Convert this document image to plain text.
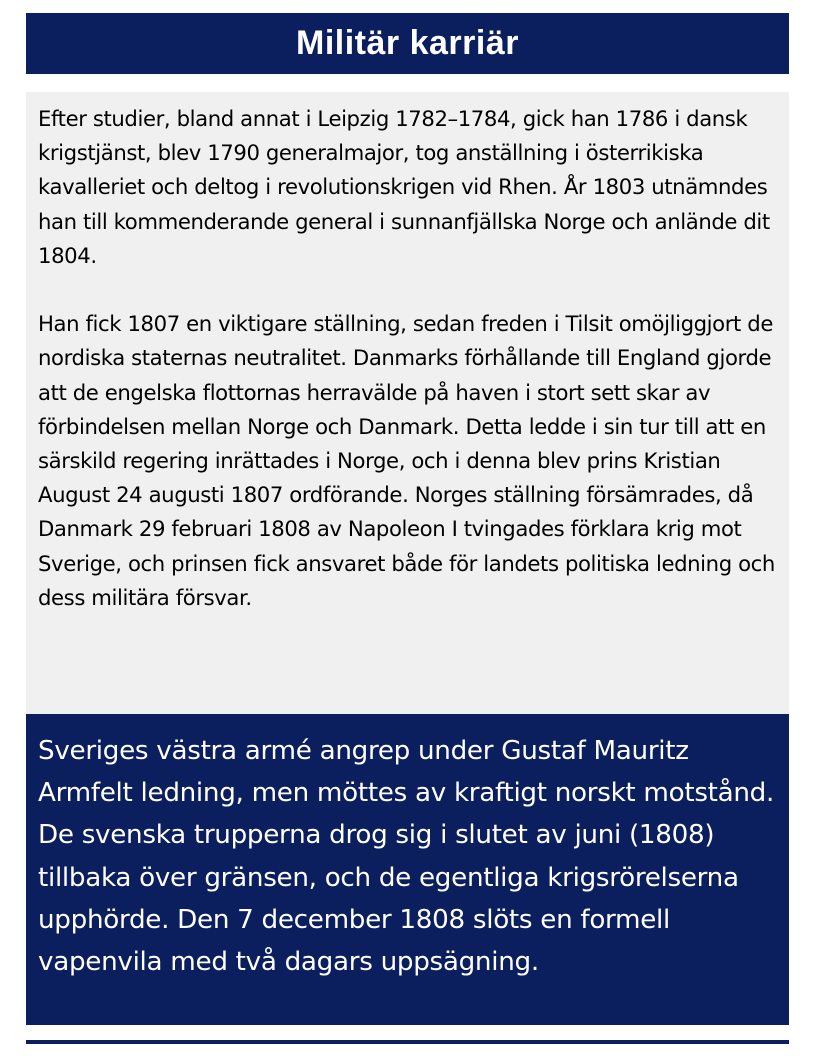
Militär karriär

Efter studier, bland annat i Leipzig 1782–1784, gick han 1786 i dansk krigstjänst, blev 1790 generalmajor, tog anställning i österrikiska kavalleriet och deltog i revolutionskrigen vid Rhen. År 1803 utnämndes han till kommenderande general i sunnanfjällska Norge och anlände dit 1804.

Han fick 1807 en viktigare ställning, sedan freden i Tilsit omöjliggjort de nordiska staternas neutralitet. Danmarks förhållande till England gjorde att de engelska flottornas herravälde på haven i stort sett skar av förbindelsen mellan Norge och Danmark. Detta ledde i sin tur till att en särskild regering inrättades i Norge, och i denna blev prins Kristian August 24 augusti 1807 ordförande. Norges ställning försämrades, då Danmark 29 februari 1808 av Napoleon I tvingades förklara krig mot Sverige, och prinsen fick ansvaret både för landets politiska ledning och dess militära försvar.

Sveriges västra armé angrep under Gustaf Mauritz Armfelt ledning, men möttes av kraftigt norskt motstånd. De svenska trupperna drog sig i slutet av juni (1808) tillbaka över gränsen, och de egentliga krigsrörelserna upphörde. Den 7 december 1808 slöts en formell vapenvila med två dagars uppsägning.
